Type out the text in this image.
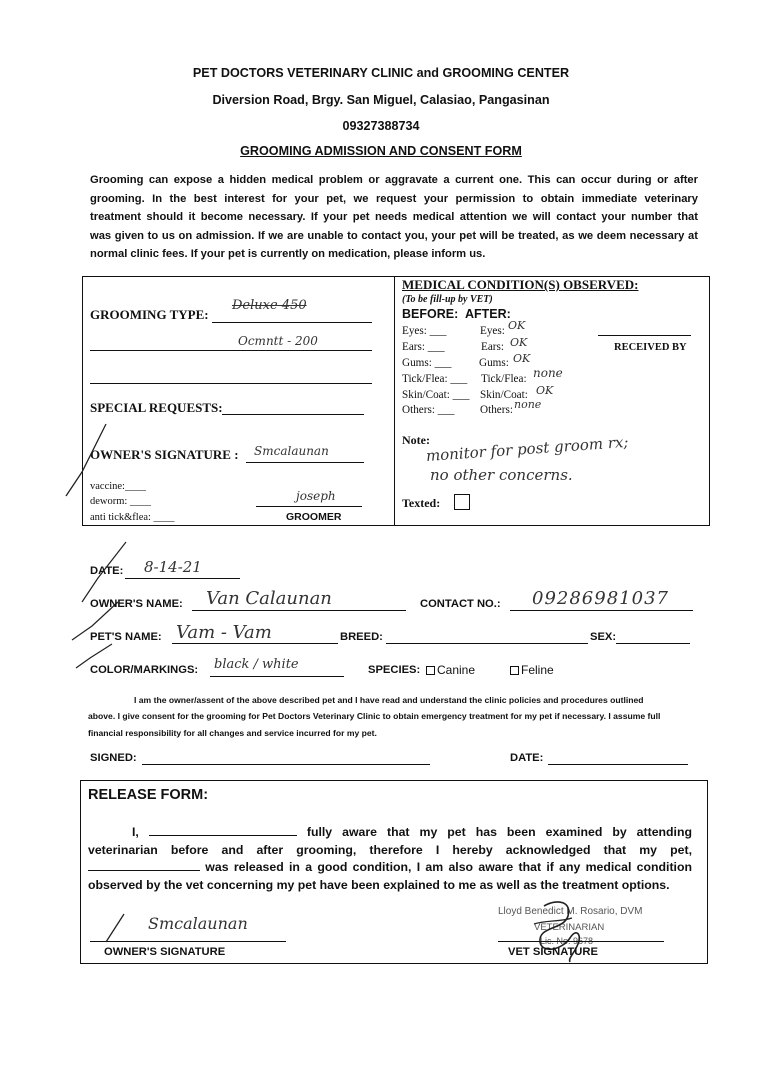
PET DOCTORS VETERINARY CLINIC and GROOMING CENTER
Diversion Road, Brgy. San Miguel, Calasiao, Pangasinan
09327388734
GROOMING ADMISSION AND CONSENT FORM
Grooming can expose a hidden medical problem or aggravate a current one. This can occur during or after
grooming. In the best interest for your pet, we request your permission to obtain immediate veterinary
treatment should it become necessary. If your pet needs medical attention we will contact your number that
was given to us on admission. If we are unable to contact you, your pet will be treated, as we deem necessary at
normal clinic fees. If your pet is currently on medication, please inform us.
GROOMING TYPE:
Deluxe 450
Ocmntt - 200
SPECIAL REQUESTS:
OWNER'S SIGNATURE : Smcalaunan
vaccine:____
deworm: ____
anti tick&flea: ____
joseph
GROOMER
MEDICAL CONDITION(S) OBSERVED:
(To be fill-up by VET)
BEFORE: AFTER:
Eyes: ___	Eyes: OK
Ears: ___	Ears: OK
Gums: ___ Gums: OK
Tick/Flea: ___ Tick/Flea: none
Skin/Coat: ___ Skin/Coat: OK
Others: ___ Others: none
RECEIVED BY
Note:
monitor for post groom rx;
no other concerns.
Texted:
DATE: 8-14-21
OWNER'S NAME: Van Calaunan	CONTACT NO.: 09286981037
PET'S NAME: Vam - Vam	BREED:	SEX:
COLOR/MARKINGS: black / white	SPECIES: Canine	Feline
I am the owner/assent of the above described pet and I have read and understand the clinic policies and procedures outlined
above. I give consent for the grooming for Pet Doctors Veterinary Clinic to obtain emergency treatment for my pet if necessary. I assume full
financial responsibility for all changes and service incurred for my pet.
SIGNED:	DATE:
RELEASE FORM:
I,	fully aware that my pet has been examined by attending
veterinarian before and after grooming, therefore I hereby acknowledged that my pet,
was released in a good condition, I am also aware that if any medical condition
observed by the vet concerning my pet have been explained to me as well as the treatment options.
Smcalaunan
OWNER'S SIGNATURE
Lloyd Benedict M. Rosario, DVM
VETERINARIAN
Lic. No. 9678
VET SIGNATURE
